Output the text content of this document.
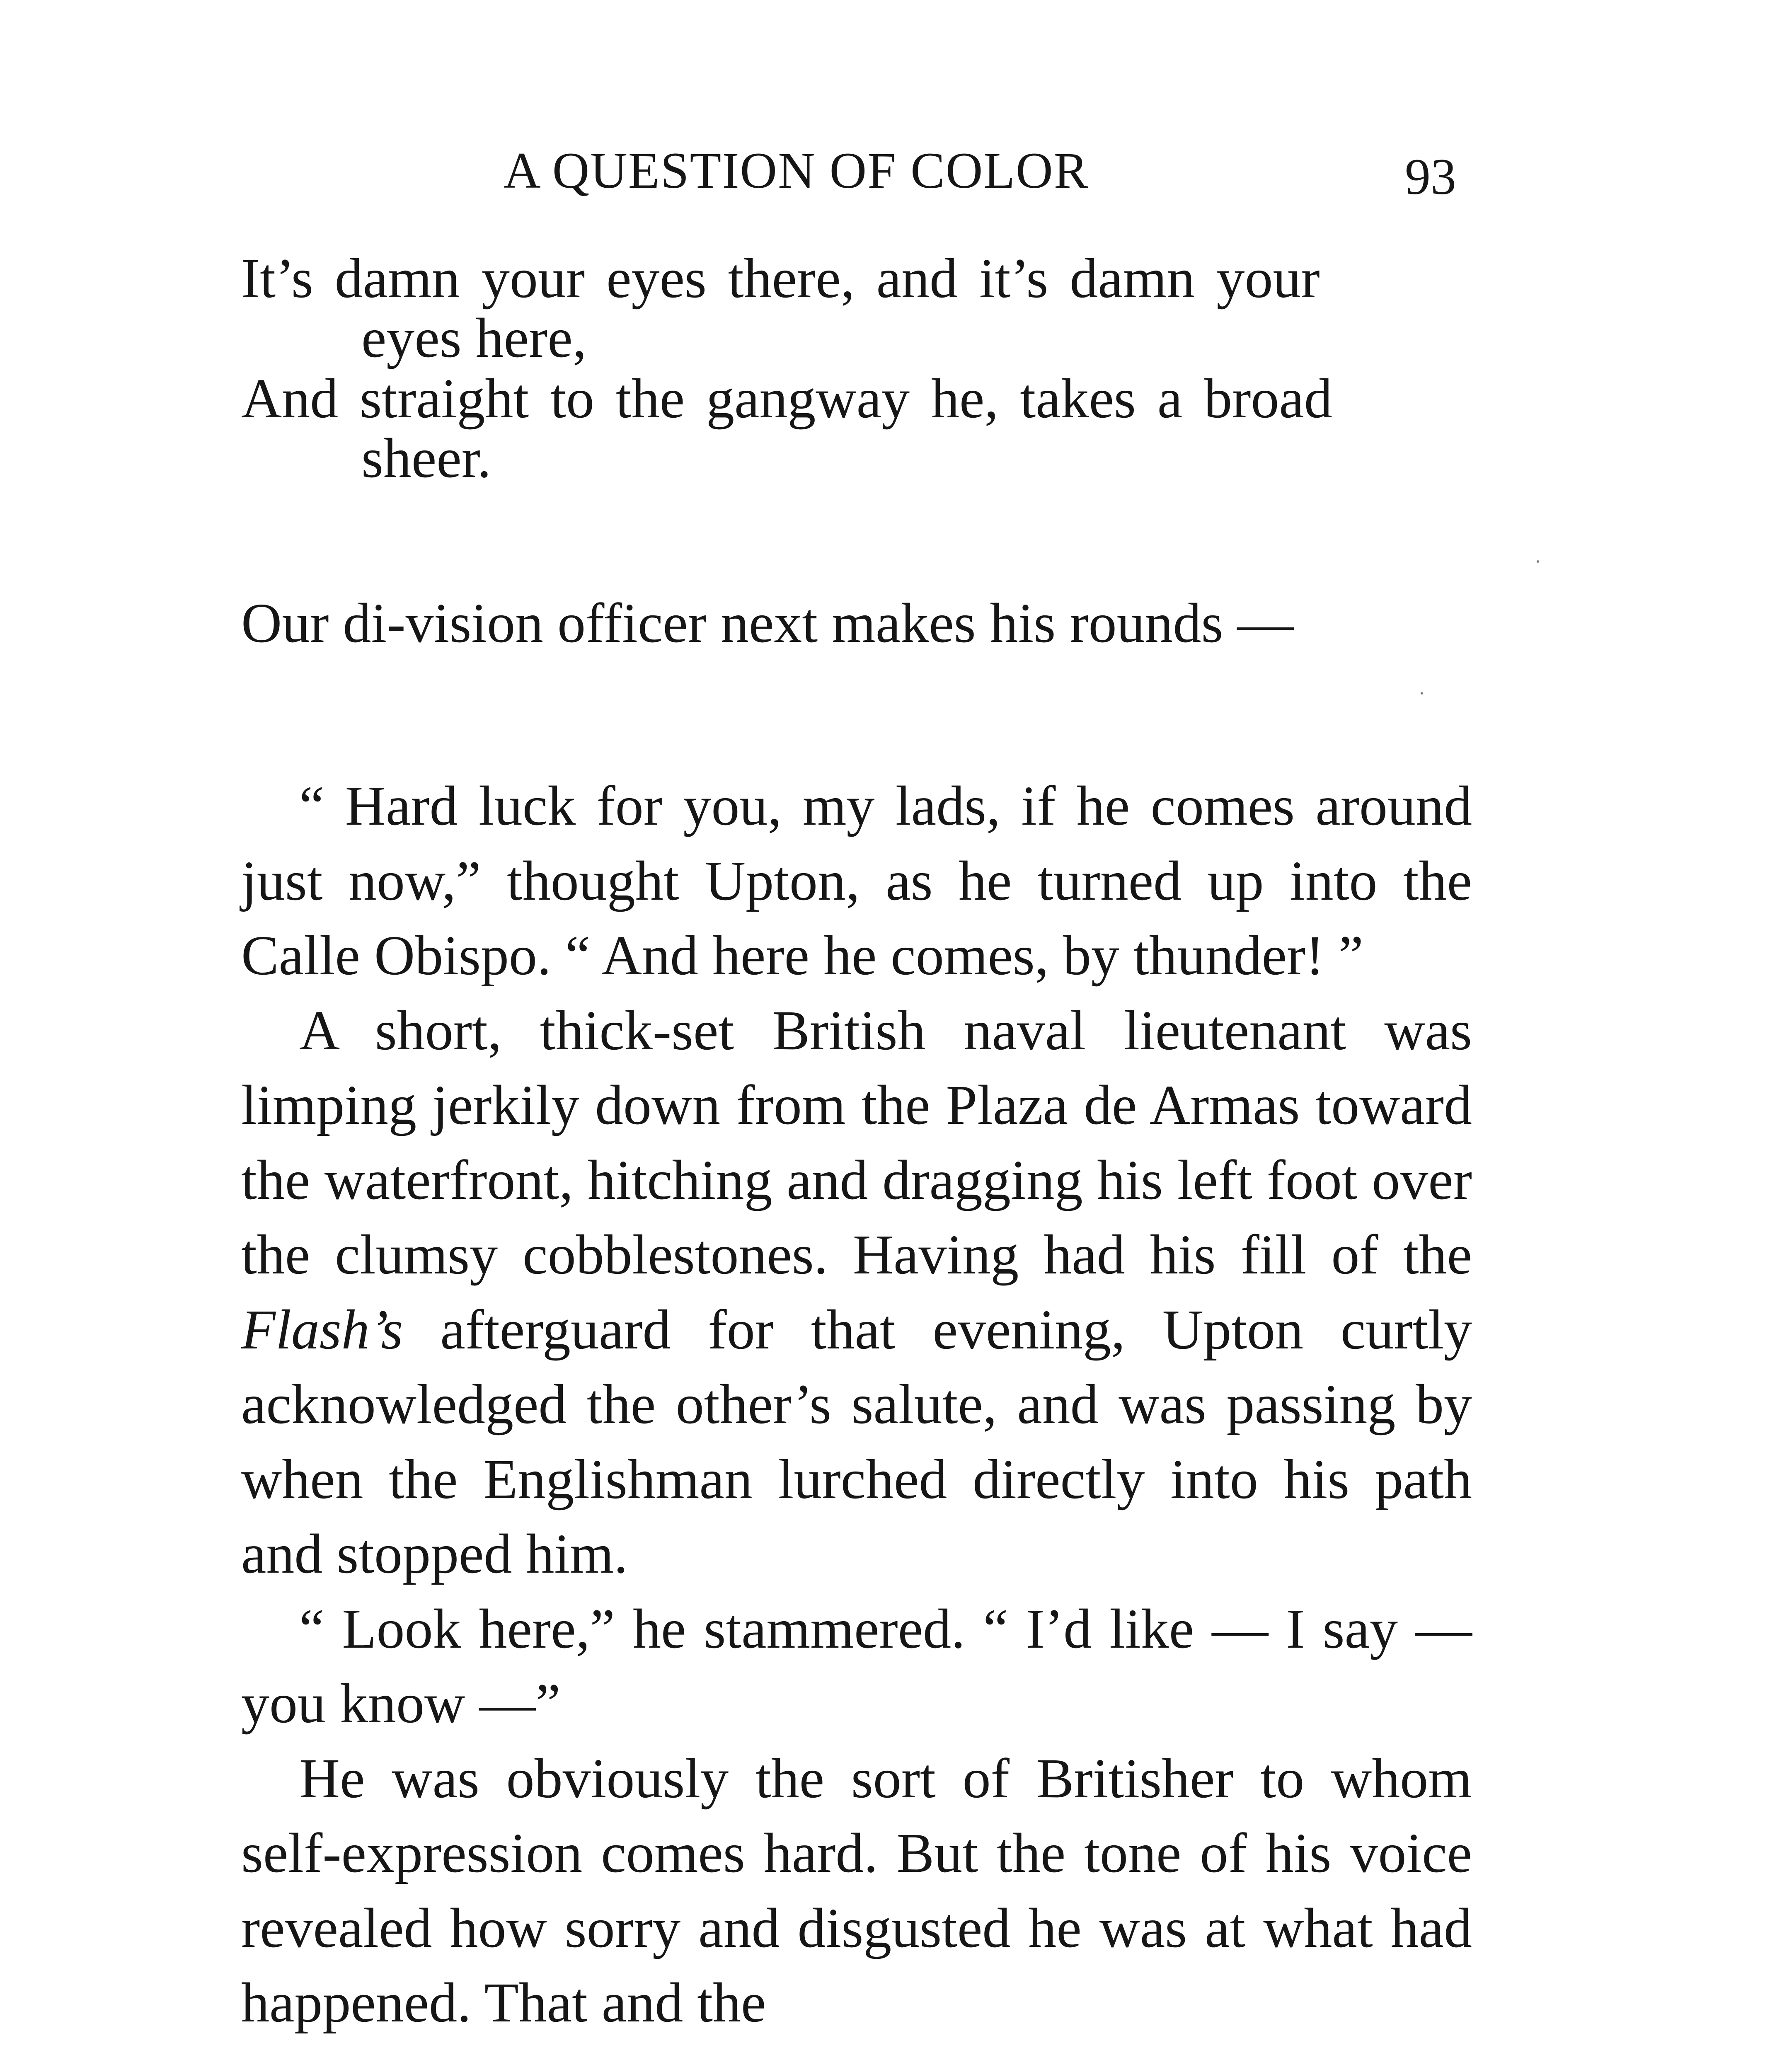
A QUESTION OF COLOR	93
It’s damn your eyes there, and it’s damn your
eyes here,
And straight to the gangway he, takes a broad
sheer.
Our di-vision officer next makes his rounds —

“ Hard luck for you, my lads, if he comes around just now,” thought Upton, as he turned up into the Calle Obispo. “ And here he comes, by thunder! ”

A short, thick-set British naval lieutenant was limping jerkily down from the Plaza de Armas toward the waterfront, hitching and dragging his left foot over the clumsy cobblestones. Having had his fill of the Flash’s afterguard for that evening, Upton curtly acknowledged the other’s salute, and was passing by when the Englishman lurched directly into his path and stopped him.

“ Look here,” he stammered. “ I’d like — I say — you know —”

He was obviously the sort of Britisher to whom self-expression comes hard. But the tone of his voice revealed how sorry and disgusted he was at what had happened. That and the
